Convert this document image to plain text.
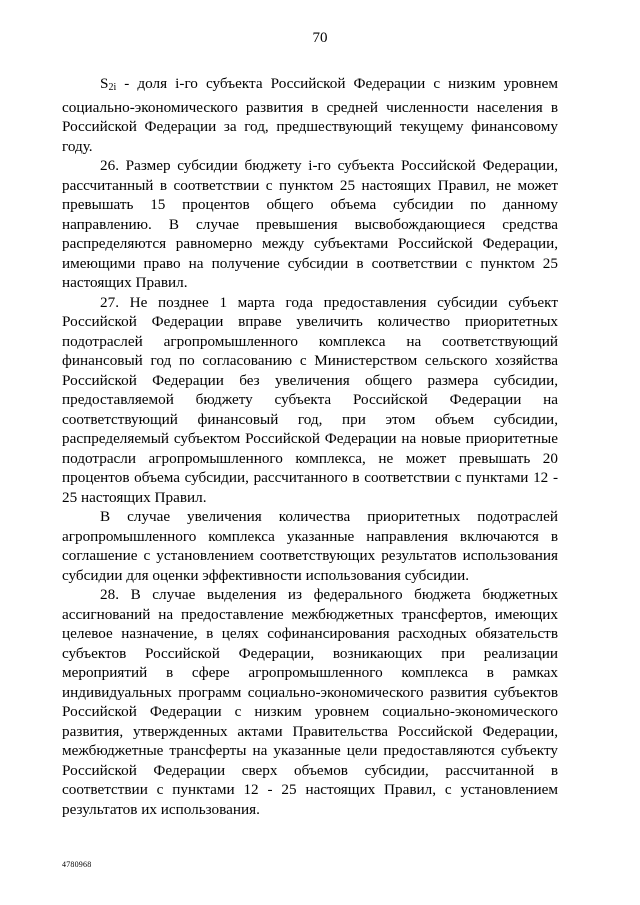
70

S2i - доля i-го субъекта Российской Федерации с низким уровнем социально-экономического развития в средней численности населения в Российской Федерации за год, предшествующий текущему финансовому году.

26. Размер субсидии бюджету i-го субъекта Российской Федерации, рассчитанный в соответствии с пунктом 25 настоящих Правил, не может превышать 15 процентов общего объема субсидии по данному направлению. В случае превышения высвобождающиеся средства распределяются равномерно между субъектами Российской Федерации, имеющими право на получение субсидии в соответствии с пунктом 25 настоящих Правил.

27. Не позднее 1 марта года предоставления субсидии субъект Российской Федерации вправе увеличить количество приоритетных подотраслей агропромышленного комплекса на соответствующий финансовый год по согласованию с Министерством сельского хозяйства Российской Федерации без увеличения общего размера субсидии, предоставляемой бюджету субъекта Российской Федерации на соответствующий финансовый год, при этом объем субсидии, распределяемый субъектом Российской Федерации на новые приоритетные подотрасли агропромышленного комплекса, не может превышать 20 процентов объема субсидии, рассчитанного в соответствии с пунктами 12 - 25 настоящих Правил.

В случае увеличения количества приоритетных подотраслей агропромышленного комплекса указанные направления включаются в соглашение с установлением соответствующих результатов использования субсидии для оценки эффективности использования субсидии.

28. В случае выделения из федерального бюджета бюджетных ассигнований на предоставление межбюджетных трансфертов, имеющих целевое назначение, в целях софинансирования расходных обязательств субъектов Российской Федерации, возникающих при реализации мероприятий в сфере агропромышленного комплекса в рамках индивидуальных программ социально-экономического развития субъектов Российской Федерации с низким уровнем социально-экономического развития, утвержденных актами Правительства Российской Федерации, межбюджетные трансферты на указанные цели предоставляются субъекту Российской Федерации сверх объемов субсидии, рассчитанной в соответствии с пунктами 12 - 25 настоящих Правил, с установлением результатов их использования.

4780968
